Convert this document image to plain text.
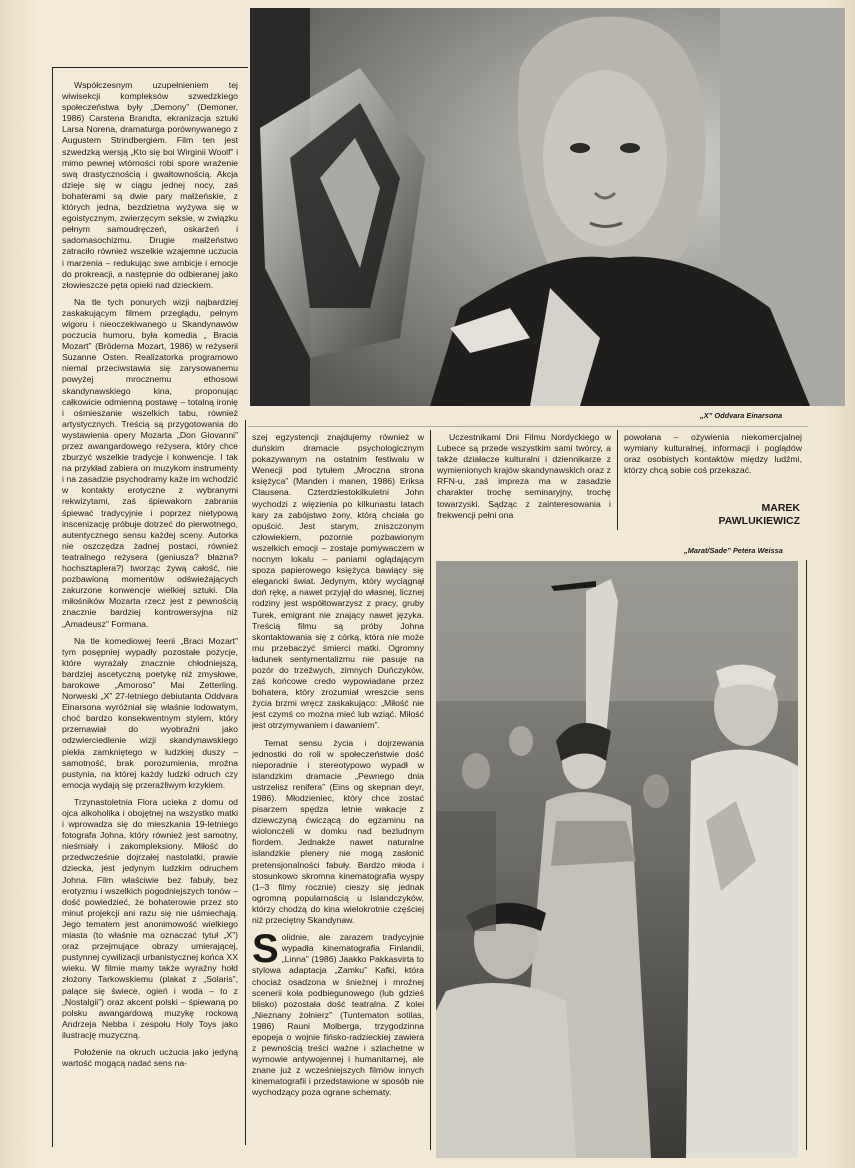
Współczesnym uzupełnieniem tej wiwisekcji kompleksów szwedzkiego społeczeństwa były „Demony” (Demoner, 1986) Carstena Brandta, ekranizacja sztuki Larsa Norena, dramaturga porównywanego z Augustem Strindbergiem. Film ten jest szwedzką wersją „Kto się boi Wirginii Woolf” i mimo pewnej wtórności robi spore wrażenie swą drastycznością i gwałtownością. Akcja dzieje się w ciągu jednej nocy, zaś bohaterami są dwie pary małżeńskie, z których jedna, bezdzietna wyżywa się w egoistycznym, zwierzęcym seksie, w związku pełnym samoudręczeń, oskarżeń i sadomasochizmu. Drugie małżeństwo zatraciło również wszelkie wzajemne uczucia i marzenia – redukując swe ambicje i emocje do prokreacji, a następnie do odbieranej jako złowieszcze pęta opieki nad dzieckiem.

Na tle tych ponurych wizji najbardziej zaskakującym filmem przeglądu, pełnym wigoru i nieoczekiwanego u Skandynawów poczucia humoru, była komedia „ Bracia Mozart” (Bröderna Mozart, 1986) w reżyserii Suzanne Osten. Realizatorka programowo niemal przeciwstawia się zarysowanemu powyżej mrocznemu ethosowi skandynawskiego kina, proponując całkowicie odmienną postawę – totalną ironię i ośmieszanie wszelkich tabu, również artystycznych. Treścią są przygotowania do wystawienia opery Mozarta „Don Giovanni” przez awangardowego reżysera, który chce zburzyć wszelkie tradycje i konwencje. I tak na przykład zabiera on muzykom instrumenty i na zasadzie psychodramy każe im wchodzić w kontakty erotyczne z wybranymi rekwizytami, zaś śpiewakom zabrania śpiewać tradycyjnie i poprzez nietypową inscenizację próbuje dotrzeć do pierwotnego, autentycznego sensu każdej sceny. Autorka nie oszczędza żadnej postaci, również teatralnego reżysera (geniusza? błazna? hochsztaplera?) tworząc żywą całość, nie pozbawioną momentów odświeżających zakurzone konwencje wielkiej sztuki. Dla miłośników Mozarta rzecz jest z pewnością znacznie bardziej kontrowersyjna niż „Amadeusz” Formana.

Na tle komediowej feerii „Braci Mozart” tym posępniej wypadły pozostałe pozycje, które wyrażały znacznie chłodniejszą, bardziej ascetyczną poetykę niż zmysłowe, barokowe „Amoroso” Mai Zetterling. Norweski „X” 27-letniego debiutanta Oddvara Einarsona wyróżniał się właśnie lodowatym, choć bardzo konsekwentnym stylem, który przemawiał do wyobraźni jako odzwierciedlenie wizji skandynawskiego piekła zamkniętego w ludzkiej duszy – samotność, brak porozumienia, mroźna pustynia, na której każdy ludzki odruch czy emocja wydają się przerażliwym krzykiem.

Trzynastoletnia Flora ucieka z domu od ojca alkoholika i obojętnej na wszystko matki i wprowadza się do mieszkania 19-letniego fotografa Johna, który również jest samotny, nieśmiały i zakompleksiony. Miłość do przedwcześnie dojrzałej nastolatki, prawie dziecka, jest jedynym ludzkim odruchem Johna. Film właściwie bez fabuły, bez erotyzmu i wszelkich pogodniejszych tonów – dość powiedzieć, że bohaterowie przez sto minut projekcji ani razu się nie uśmiechają. Jego tematem jest anonimowość wielkiego miasta (to właśnie ma oznaczać tytuł „X”) oraz przejmujące obrazy umierającej, pustynnej cywilizacji urbanistycznej końca XX wieku. W filmie mamy także wyraźny hołd złożony Tarkowskiemu (plakat z „Solaris”, palące się świece, ogień i woda – to z „Nostalgii”) oraz akcent polski – śpiewaną po polsku awangardową muzykę rockową Andrzeja Nebba i zespołu Holy Toys jako ilustrację muzyczną.

Położenie na okruch uczucia jako jedyną wartość mogącą nadać sens na-

„X” Oddvara Einarsona

szej egzystencji znajdujemy również w duńskim dramacie psychologicznym pokazywanym na ostatnim festiwalu w Wenecji pod tytułem „Mroczna strona księżyca” (Manden i manen, 1986) Eriksa Clausena. Czterdziestokilkuletni John wychodzi z więzienia po kilkunastu latach kary za zabójstwo żony, którą chciała go opuścić. Jest starym, zniszczonym człowiekiem, pozornie pozbawionym wszelkich emocji – zostaje pomywaczem w nocnym lokalu – paniami oglądającym spoza papierowego księżyca bawiący się elegancki świat. Jedynym, który wyciągnął doń rękę, a nawet przyjął do własnej, licznej rodziny jest współtowarzysz z pracy, gruby Turek, emigrant nie znający nawet języka. Treścią filmu są próby Johna skontaktowania się z córką, która nie może mu przebaczyć śmierci matki. Ogromny ładunek sentymentalizmu nie pasuje na pozór do trzeźwych, zimnych Duńczyków, zaś końcowe credo wypowiadane przez bohatera, który zrozumiał wreszcie sens życia brzmi wręcz zaskakująco: „Miłość nie jest czymś co można mieć lub wziąć. Miłość jest otrzymywaniem i dawaniem”.

Temat sensu życia i dojrzewania jednostki do roli w społeczeństwie dość nieporadnie i stereotypowo wypadł w islandzkim dramacie „Pewnego dnia ustrzelisz renifera” (Eins og skepnan deyr, 1986). Młodzieniec, który chce zostać pisarzem spędza letnie wakacje z dziewczyną ćwiczącą do egzaminu na wiolonczeli w domku nad bezludnym fiordem. Jednakże nawet naturalne islandzkie plenery nie mogą zasłonić pretensjonalności fabuły. Bardzo młoda i stosunkowo skromna kinematografia wyspy (1–3 filmy rocznie) cieszy się jednak ogromną popularnością u Islandczyków, którzy chodzą do kina wielokrotnie częściej niż przeciętny Skandynaw.

Solidnie, ale zarazem tradycyjnie wypadła kinematografia Finlandii, „Linna” (1986) Jaakko Pakkasvirta to stylowa adaptacja „Zamku” Kafki, która chociaż osadzona w śnieżnej i mroźnej scenerii koła podbiegunowego (lub gdzieś blisko) pozostała dość teatralna. Z kolei „Nieznany żołnierz” (Tuntematon sotilas, 1986) Rauni Molberga, trzygodzinna epopeja o wojnie fińsko-radzieckiej zawiera z pewnością treści ważne i szlachetne w wymowie antywojennej i humanitarnej, ale znane już z wcześniejszych filmów innych kinematografii i przedstawione w sposób nie wychodzący poza ograne schematy.

Uczestnikami Dni Filmu Nordyckiego w Lubece są przede wszystkim sami twórcy, a także działacze kulturalni i dziennikarze z wymienionych krajów skandynawskich oraz z RFN-u, zaś impreza ma w zasadzie charakter trochę seminaryjny, trochę towarzyski. Sądząc z zainteresowania i frekwencji pełni ona

powołana – ożywienia niekomercjalnej wymiany kulturalnej, informacji i poglądów oraz osobistych kontaktów między ludźmi, którzy chcą sobie coś przekazać.

MAREK
PAWLUKIEWICZ
„Marat/Sade” Petera Weissa
